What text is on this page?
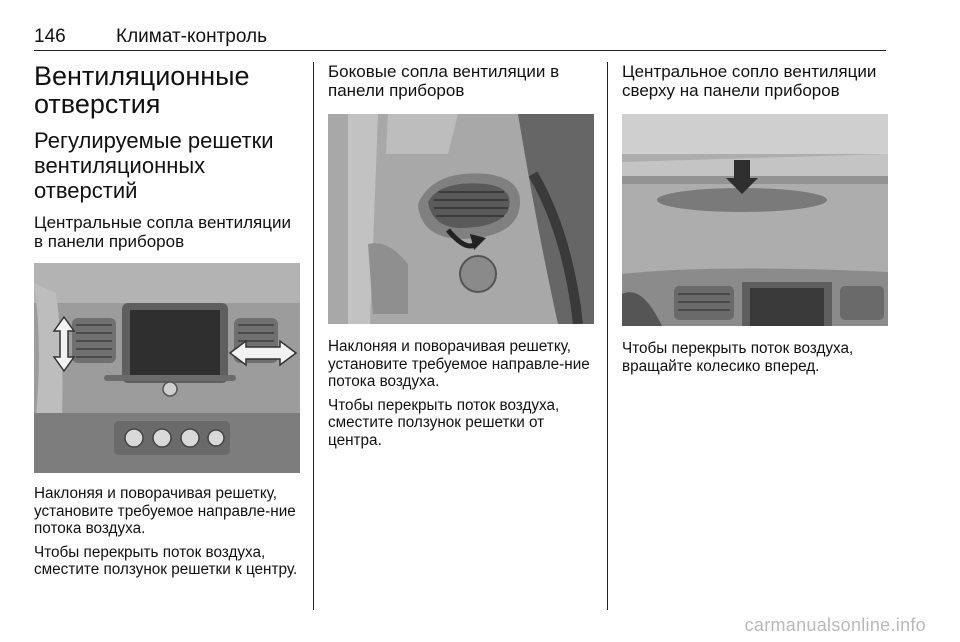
146	Климат-контроль
Вентиляционные отверстия
Регулируемые решетки вентиляционных отверстий
Центральные сопла вентиляции в панели приборов

Наклоняя и поворачивая решетку, установите требуемое направле-ние потока воздуха.

Чтобы перекрыть поток воздуха, сместите ползунок решетки к центру.

Боковые сопла вентиляции в панели приборов

Наклоняя и поворачивая решетку, установите требуемое направле-ние потока воздуха.

Чтобы перекрыть поток воздуха, сместите ползунок решетки от центра.

Центральное сопло вентиляции сверху на панели приборов

Чтобы перекрыть поток воздуха, вращайте колесико вперед.

carmanualsonline.info
